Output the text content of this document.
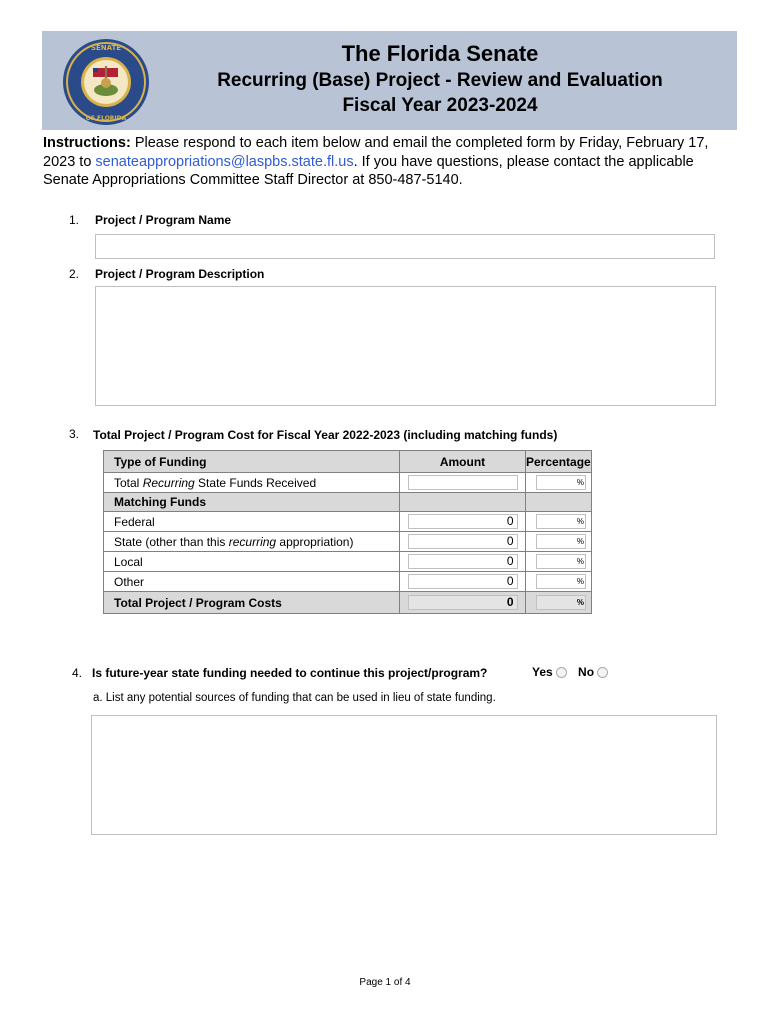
SENATE
OF FLORIDA
The Florida Senate
Recurring (Base) Project - Review and Evaluation
Fiscal Year 2023-2024
Instructions: Please respond to each item below and email the completed form by Friday, February 17, 2023 to senateappropriations@laspbs.state.fl.us. If you have questions, please contact the applicable Senate Appropriations Committee Staff Director at 850-487-5140.
1. Project / Program Name
2. Project / Program Description
3. Total Project / Program Cost for Fiscal Year 2022-2023 (including matching funds)
Type of Funding	Amount	Percentage
Total Recurring State Funds Received		%
Matching Funds		
Federal	0	%
State (other than this recurring appropriation)	0	%
Local	0	%
Other	0	%
Total Project / Program Costs	0	%
4. Is future-year state funding needed to continue this project/program?	Yes No
a. List any potential sources of funding that can be used in lieu of state funding.
Page 1 of 4
